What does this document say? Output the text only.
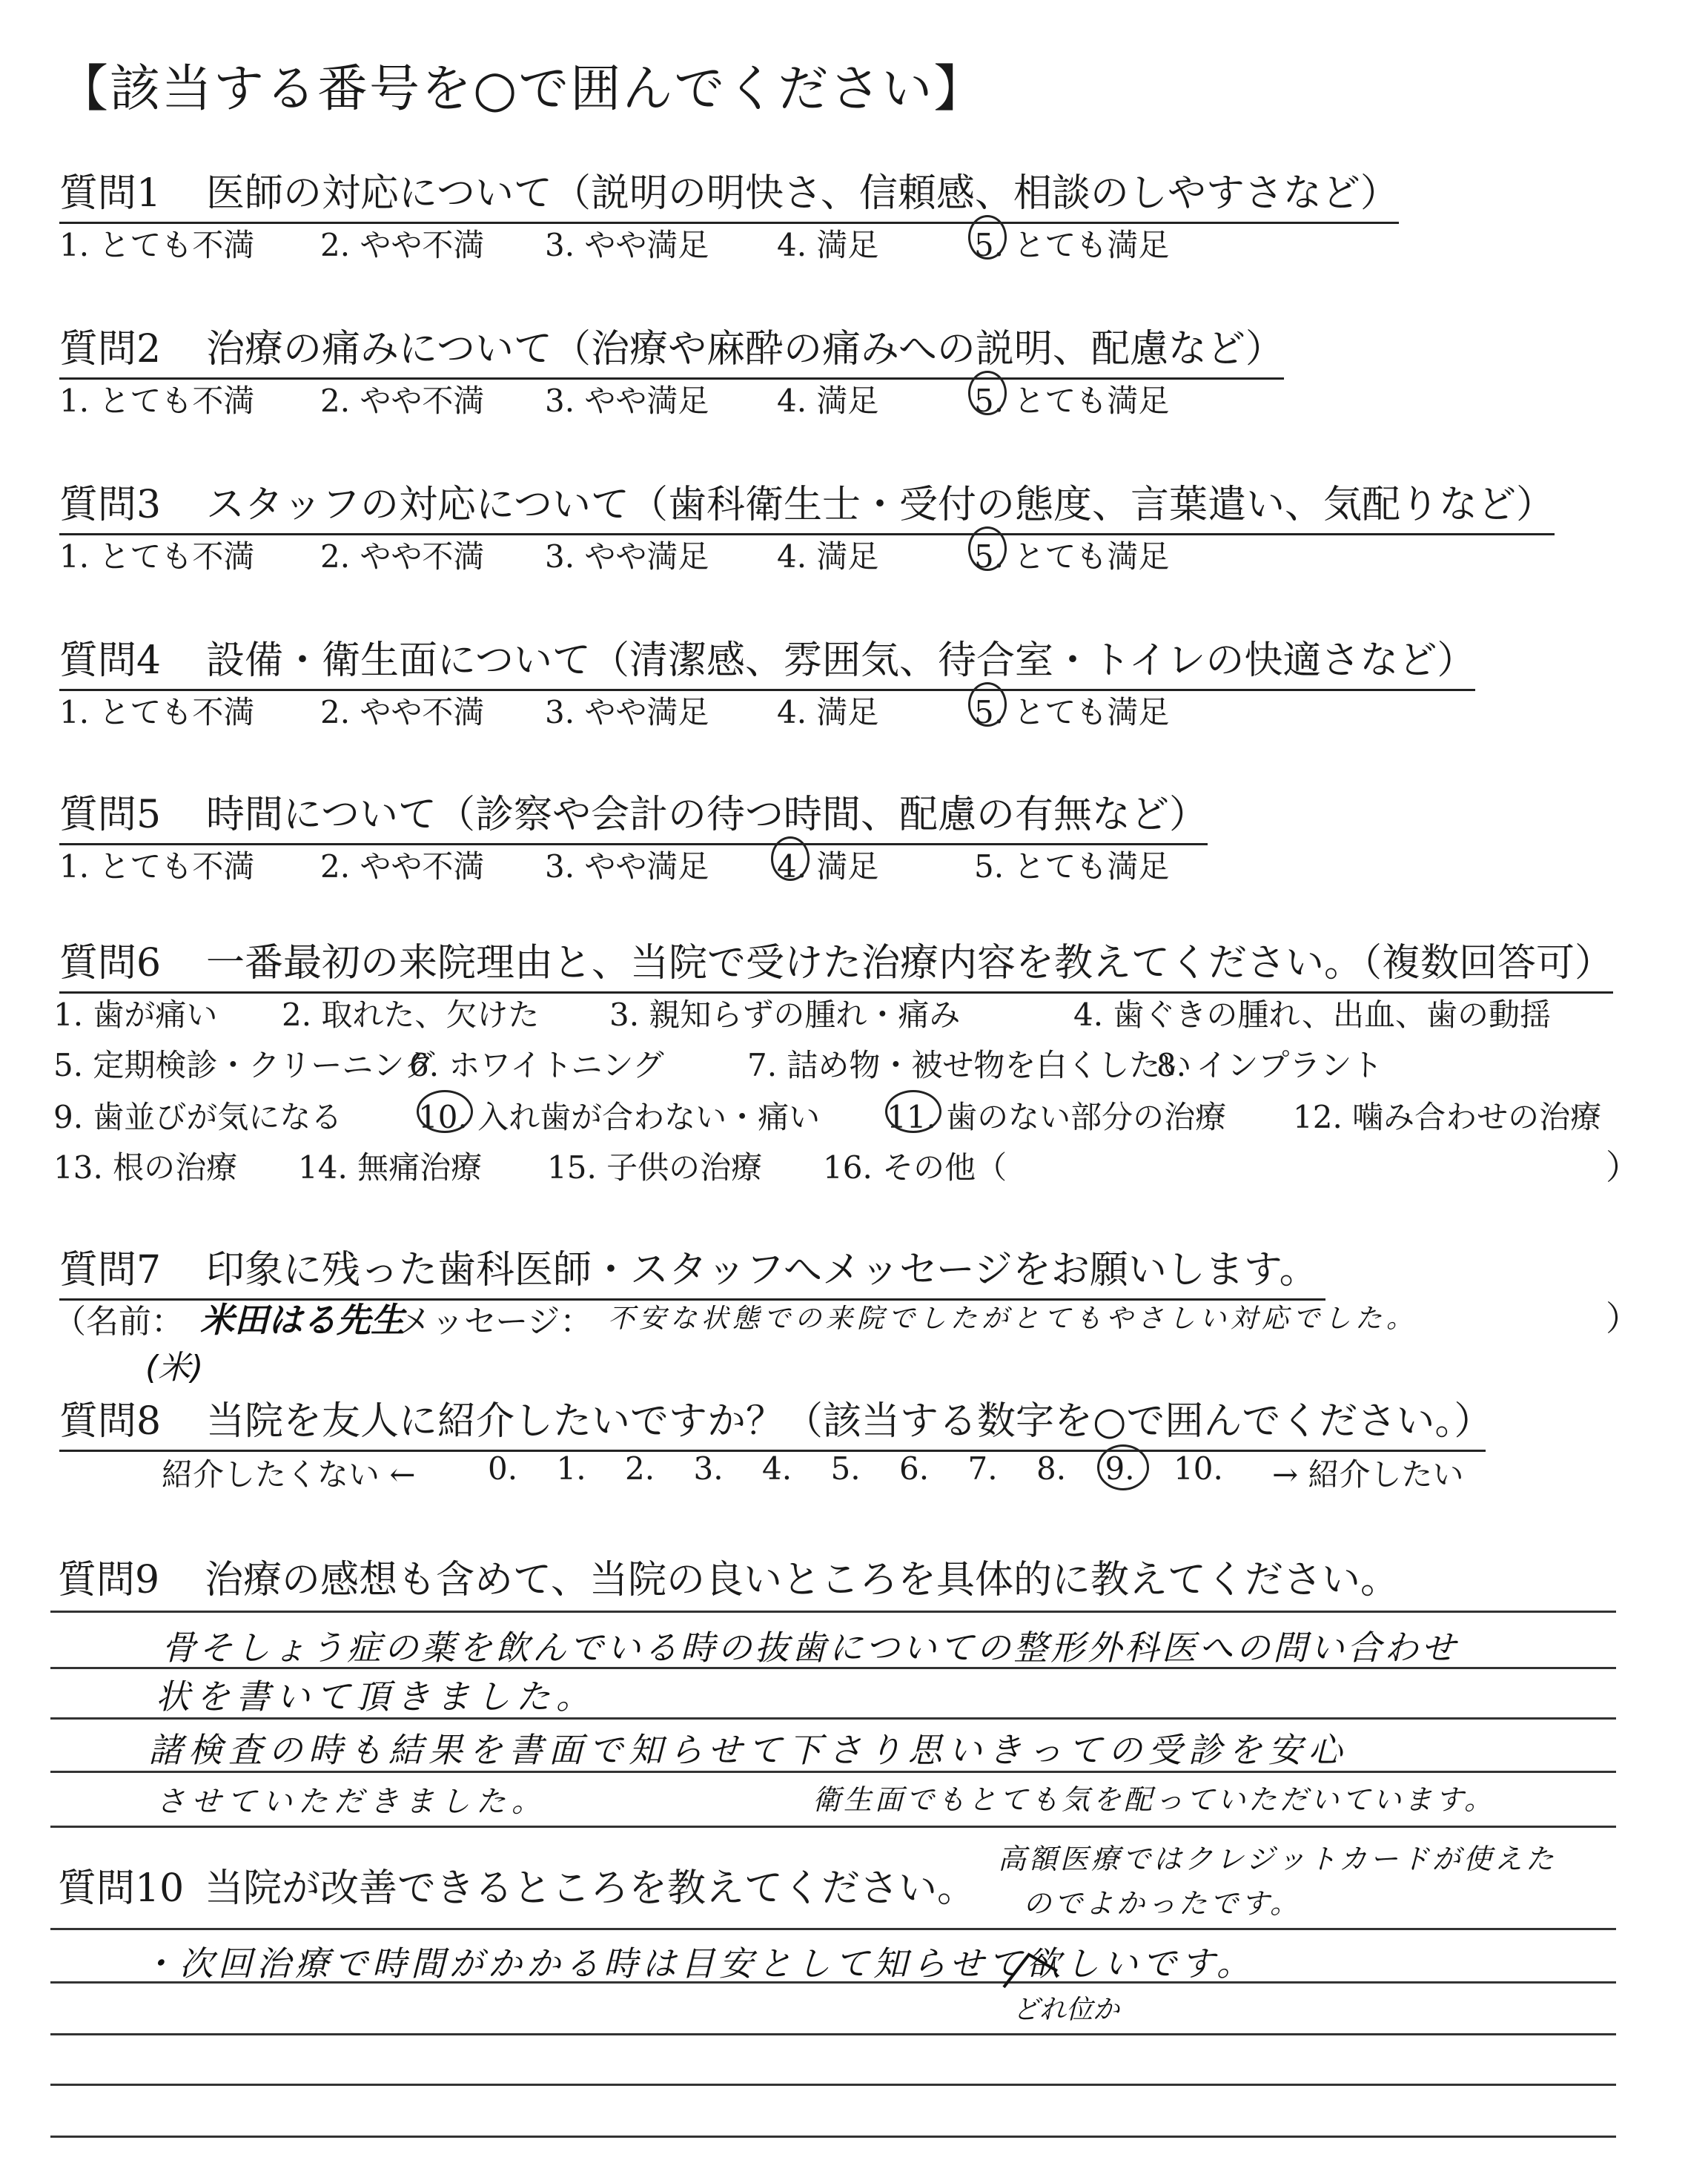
【該当する番号を○で囲んでください】
質問1 医師の対応について（説明の明快さ、信頼感、相談のしやすさなど）
1. とても不満 2. やや不満 3. やや満足 4. 満足	5. とても満足
質問2 治療の痛みについて（治療や麻酔の痛みへの説明、配慮など）
1. とても不満 2. やや不満 3. やや満足 4. 満足	5. とても満足
質問3 スタッフの対応について（歯科衛生士・受付の態度、言葉遣い、気配りなど）
1. とても不満 2. やや不満 3. やや満足 4. 満足	5. とても満足
質問4 設備・衛生面について（清潔感、雰囲気、待合室・トイレの快適さなど）
1. とても不満 2. やや不満 3. やや満足 4. 満足	5. とても満足
質問5 時間について（診察や会計の待つ時間、配慮の有無など）
1. とても不満 2. やや不満 3. やや満足 4. 満足	5. とても満足
質問6 一番最初の来院理由と、当院で受けた治療内容を教えてください。（複数回答可）
1. 歯が痛い 2. 取れた、欠けた 3. 親知らずの腫れ・痛み	4. 歯ぐきの腫れ、出血、歯の動揺
5. 定期検診・クリーニング
6. ホワイトニング	7. 詰め物・被せ物を白くしたい
8. インプラント
9. 歯並びが気になる 10. 入れ歯が合わない・痛い 11. 歯のない部分の治療 12. 噛み合わせの治療
13. 根の治療 14. 無痛治療 15. 子供の治療 16. その他（	）
質問7 印象に残った歯科医師・スタッフへメッセージをお願いします。
（名前： 米田はる先生
(米)
メッセージ： 不安な状態での来院でしたがとてもやさしい対応でした。	）
質問8 当院を友人に紹介したいですか？（該当する数字を○で囲んでください。）
紹介したくない ← 0. 1. 2. 3. 4. 5. 6. 7. 8. 9. 10. → 紹介したい
質問9 治療の感想も含めて、当院の良いところを具体的に教えてください。
骨そしょう症の薬を飲んでいる時の抜歯についての整形外科医への問い合わせ
状を書いて頂きました。
諸検査の時も結果を書面で知らせて下さり思いきっての受診を安心
させていただきました。	衛生面でもとても気を配っていただいています。
質問10 当院が改善できるところを教えてください。
高額医療ではクレジットカードが使えた
のでよかったです。
・次回治療で時間がかかる時は目安として知らせて欲しいです。
どれ位か
